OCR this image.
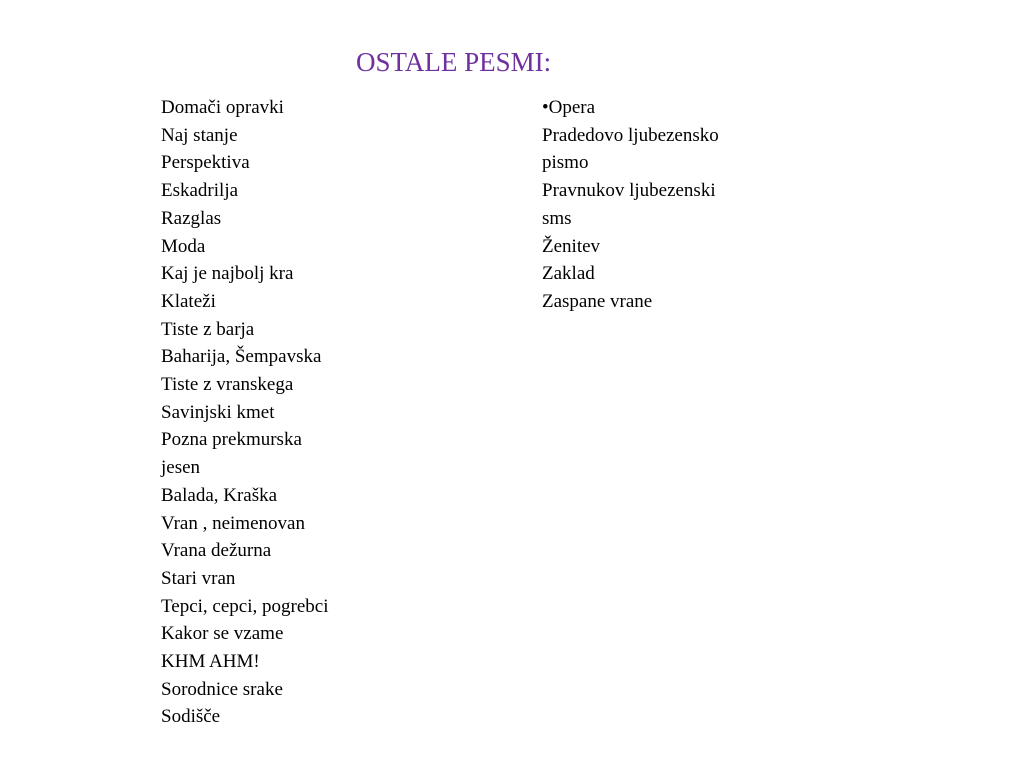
OSTALE PESMI:
Domači opravki
Naj stanje
Perspektiva
Eskadrilja
Razglas
Moda
Kaj je najbolj kra
Klateži
Tiste z barja
Baharija, Šempavska
Tiste z vranskega
Savinjski kmet
Pozna prekmurska
jesen
Balada, Kraška
Vran , neimenovan
Vrana dežurna
Stari vran
Tepci, cepci, pogrebci
Kakor se vzame
KHM AHM!
Sorodnice srake
Sodišče
•Opera
Pradedovo ljubezensko
pismo
Pravnukov ljubezenski
sms
Ženitev
Zaklad
Zaspane vrane
